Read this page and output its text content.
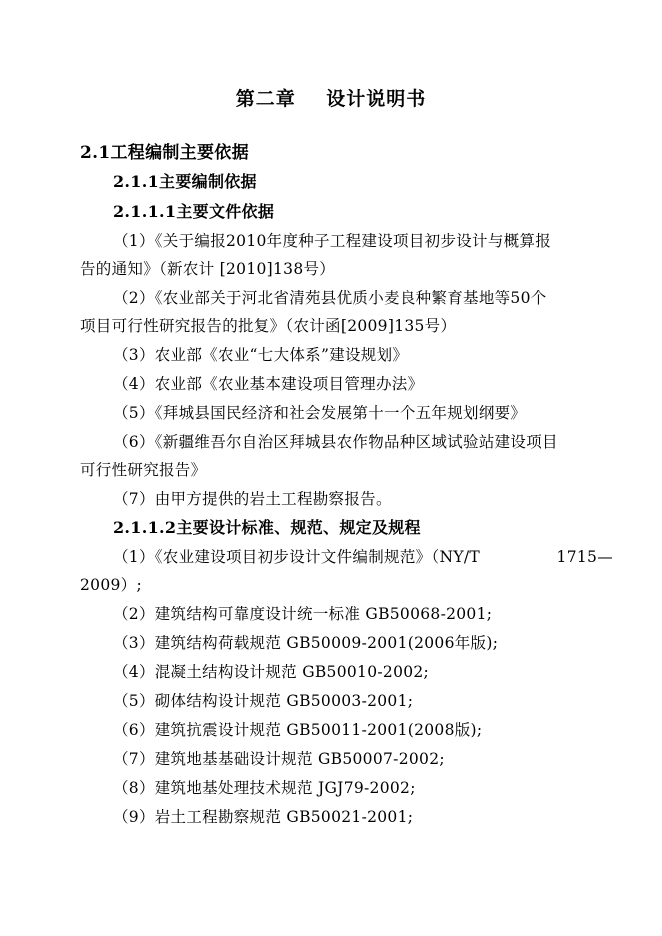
第二章    设计说明书
2.1工程编制主要依据
2.1.1主要编制依据
2.1.1.1主要文件依据
（1）《关于编报2010年度种子工程建设项目初步设计与概算报
告的通知》（新农计 [2010]138号）
（2）《农业部关于河北省清苑县优质小麦良种繁育基地等50个
项目可行性研究报告的批复》（农计函[2009]135号）
（3）农业部《农业“七大体系”建设规划》
（4）农业部《农业基本建设项目管理办法》
（5）《拜城县国民经济和社会发展第十一个五年规划纲要》
（6）《新疆维吾尔自治区拜城县农作物品种区域试验站建设项目
可行性研究报告》
（7）由甲方提供的岩土工程勘察报告。
2.1.1.2主要设计标准、规范、规定及规程
（1）《农业建设项目初步设计文件编制规范》（NY/T	1715—
2009）;
（2）建筑结构可靠度设计统一标准 GB50068-2001;
（3）建筑结构荷载规范 GB50009-2001(2006年版);
（4）混凝土结构设计规范 GB50010-2002;
（5）砌体结构设计规范 GB50003-2001;
（6）建筑抗震设计规范 GB50011-2001(2008版);
（7）建筑地基基础设计规范 GB50007-2002;
（8）建筑地基处理技术规范 JGJ79-2002;
（9）岩土工程勘察规范 GB50021-2001;
